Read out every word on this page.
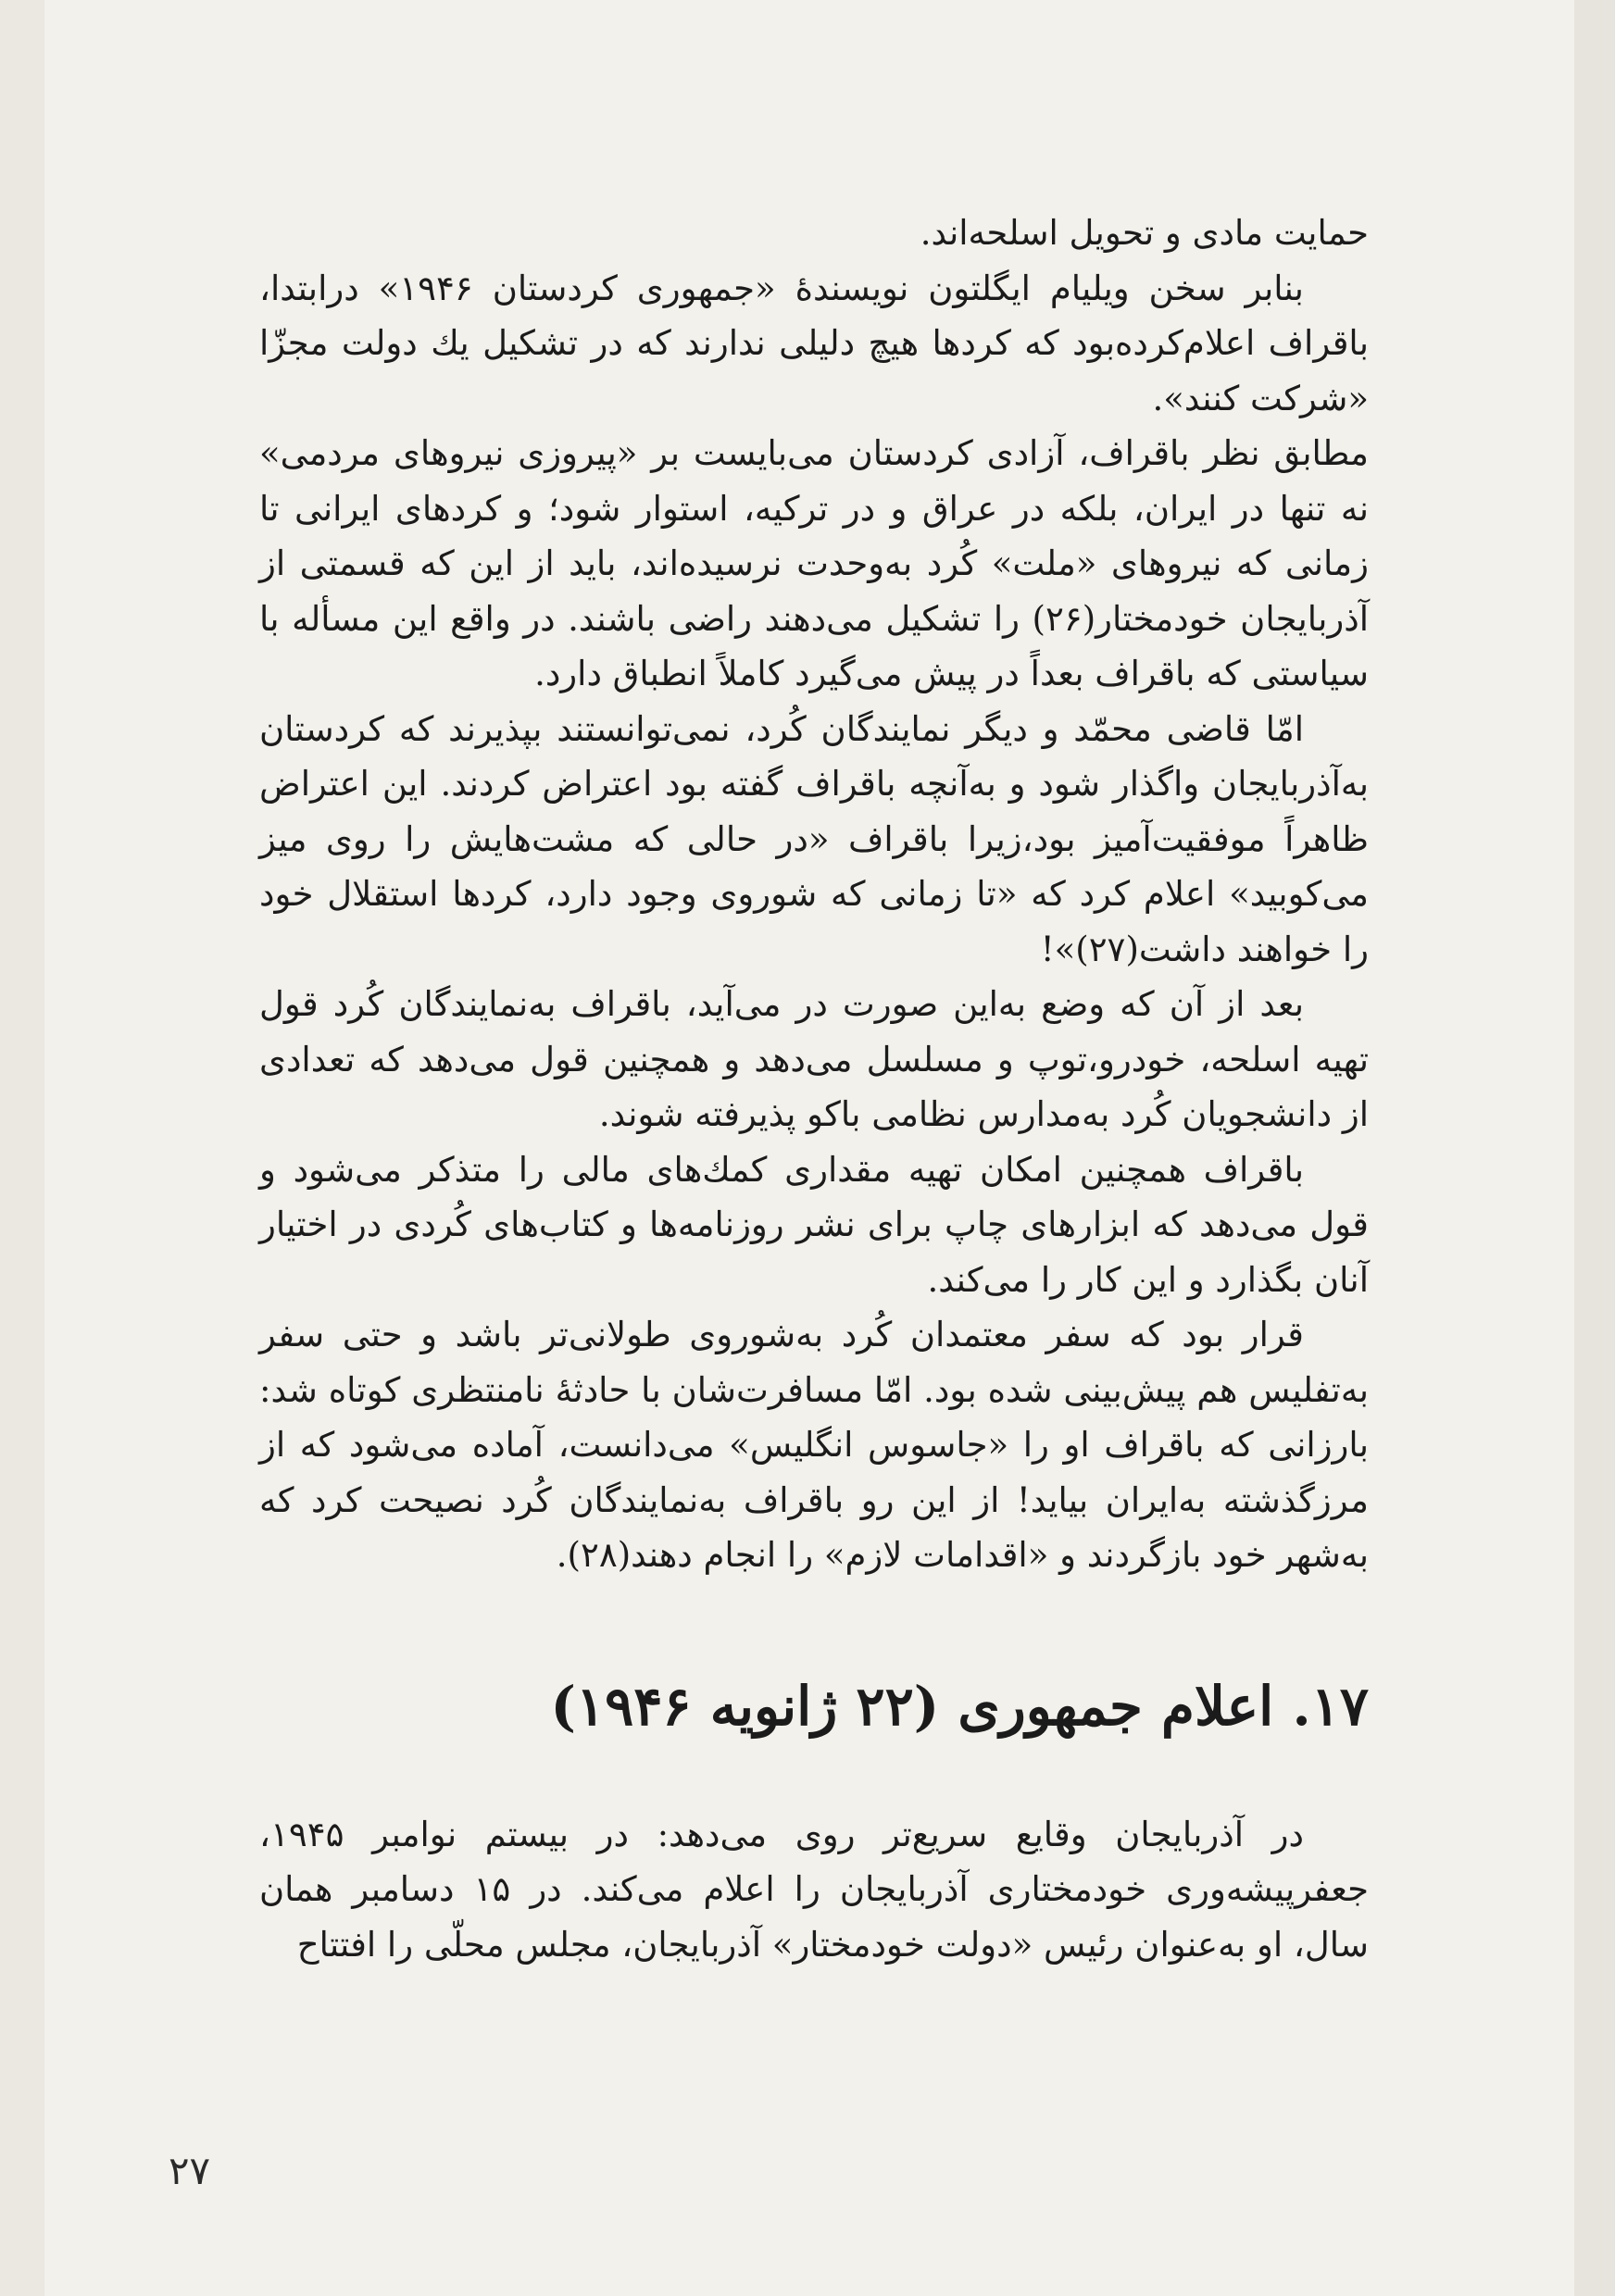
حمایت مادی و تحویل اسلحه‌اند.

بنابر سخن ویلیام ایگلتون نویسندۀ «جمهوری کردستان ۱۹۴۶» درابتدا، باقراف اعلام‌کرده‌بود که کردها هیچ دلیلی ندارند که در تشکیل یك دولت مجزّا «شرکت کنند».

مطابق نظر باقراف، آزادی کردستان می‌بایست بر «پیروزی نیروهای مردمی» نه تنها در ایران، بلکه در عراق و در ترکیه، استوار شود؛ و کردهای ایرانی تا زمانی که نیروهای «ملت» کُرد به‌وحدت نرسیده‌اند، باید از این که قسمتی از آذربایجان خودمختار(۲۶) را تشکیل می‌دهند راضی باشند. در واقع این مسأله با سیاستی که باقراف بعداً در پیش می‌گیرد کاملاً انطباق دارد.

امّا قاضی محمّد و دیگر نمایندگان کُرد، نمی‌توانستند بپذیرند که کردستان به‌آذربایجان واگذار شود و به‌آنچه باقراف گفته بود اعتراض کردند. این اعتراض ظاهراً موفقیت‌آمیز بود،زیرا باقراف «در حالی که مشت‌هایش را روی میز می‌کوبید» اعلام کرد که «تا زمانی که شوروی وجود دارد، کردها استقلال خود را خواهند داشت(۲۷)»!

بعد از آن که وضع به‌این صورت در می‌آید، باقراف به‌نمایندگان کُرد قول تهیه اسلحه، خودرو،توپ و مسلسل می‌دهد و همچنین قول می‌دهد که تعدادی از دانشجویان کُرد به‌مدارس نظامی باکو پذیرفته شوند.

باقراف همچنین امکان تهیه مقداری کمك‌های مالی را متذکر می‌شود و قول می‌دهد که ابزارهای چاپ برای نشر روزنامه‌ها و کتاب‌های کُردی در اختیار آنان بگذارد و این کار را می‌کند.

قرار بود که سفر معتمدان کُرد به‌شوروی طولانی‌تر باشد و حتی سفر به‌تفلیس هم پیش‌بینی شده بود. امّا مسافرت‌شان با حادثۀ نامنتظری کوتاه شد: بارزانی که باقراف او را «جاسوس انگلیس» می‌دانست، آماده می‌شود که از مرزگذشته به‌ایران بیاید! از این رو باقراف به‌نمایندگان کُرد نصیحت کرد که به‌شهر خود بازگردند و «اقدامات لازم» را انجام دهند(۲۸).

۱۷. اعلام جمهوری (۲۲ ژانویه ۱۹۴۶)

در آذربایجان وقایع سریع‌تر روی می‌دهد: در بیستم نوامبر ۱۹۴۵، جعفرپیشه‌وری خودمختاری آذربایجان را اعلام می‌کند. در ۱۵ دسامبر همان سال، او به‌عنوان رئیس «دولت خودمختار» آذربایجان، مجلس محلّی را افتتاح

۲۷
